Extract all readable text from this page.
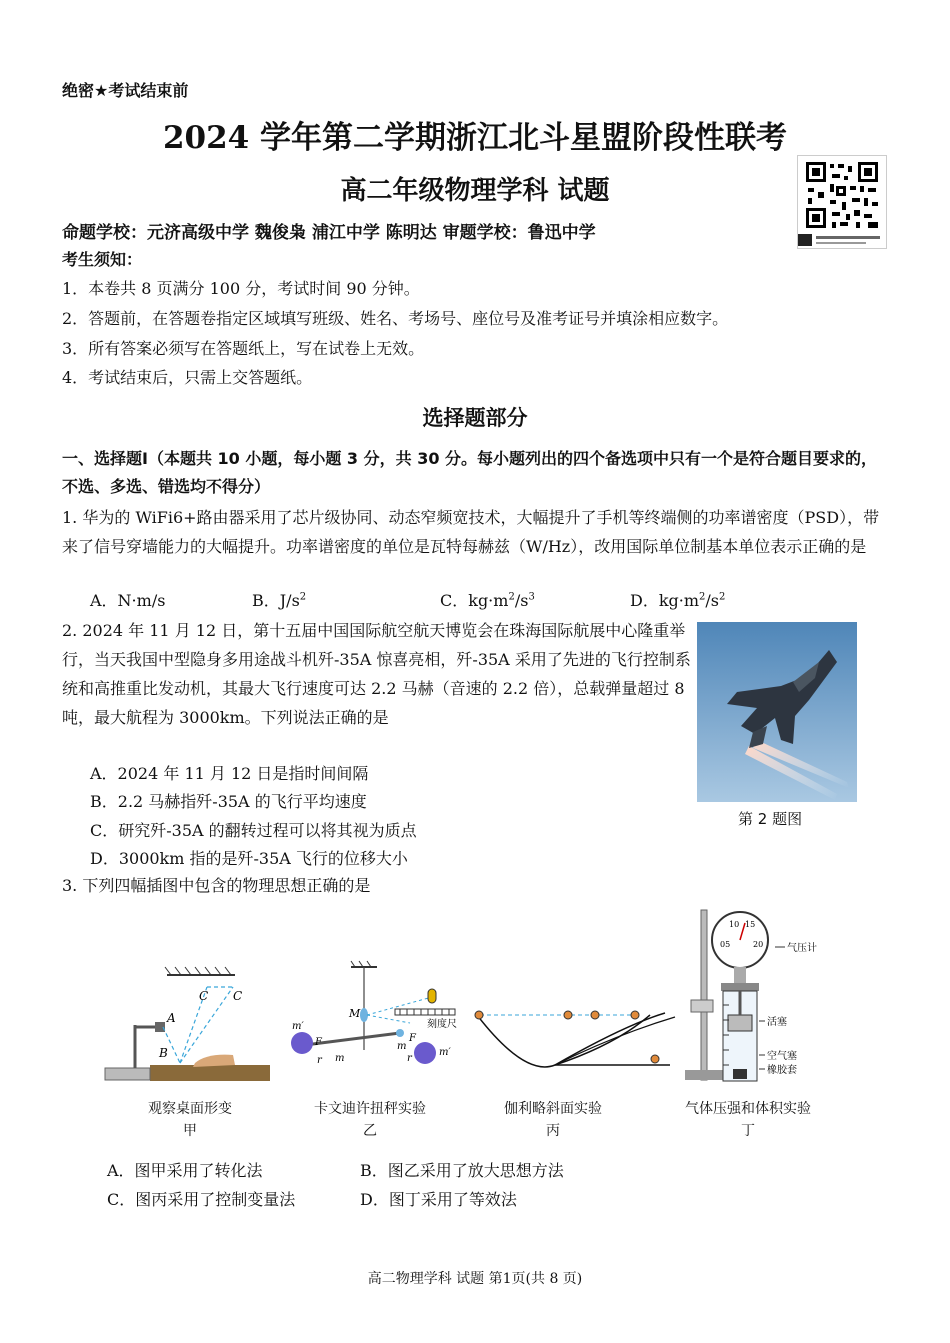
绝密★考试结束前
2024 学年第二学期浙江北斗星盟阶段性联考
高二年级物理学科 试题
命题学校：元济高级中学 魏俊枭 浦江中学 陈明达 审题学校：鲁迅中学
考生须知：
1．本卷共 8 页满分 100 分，考试时间 90 分钟。
2．答题前，在答题卷指定区域填写班级、姓名、考场号、座位号及准考证号并填涂相应数字。
3．所有答案必须写在答题纸上，写在试卷上无效。
4．考试结束后，只需上交答题纸。
选择题部分
一、选择题Ⅰ（本题共 10 小题，每小题 3 分，共 30 分。每小题列出的四个备选项中只有一个是符合题目要求的，不选、多选、错选均不得分）
1. 华为的 WiFi6+路由器采用了芯片级协同、动态窄频宽技术，大幅提升了手机等终端侧的功率谱密度（PSD），带来了信号穿墙能力的大幅提升。功率谱密度的单位是瓦特每赫兹（W/Hz），改用国际单位制基本单位表示正确的是
A．N·m/s	B．$J/s^2$	C．$kg\cdot m^2/s^3$	D．$kg\cdot m^2/s^2$
2. 2024 年 11 月 12 日，第十五届中国国际航空航天博览会在珠海国际航展中心隆重举行，当天我国中型隐身多用途战斗机歼-35A 惊喜亮相，歼-35A 采用了先进的飞行控制系统和高推重比发动机，其最大飞行速度可达 2.2 马赫（音速的 2.2 倍），总载弹量超过 8 吨，最大航程为 3000km。下列说法正确的是
A．2024 年 11 月 12 日是指时间间隔
B．2.2 马赫指歼-35A 的飞行平均速度
C．研究歼-35A 的翻转过程可以将其视为质点
D．3000km 指的是歼-35A 飞行的位移大小
第 2 题图
3. 下列四幅插图中包含的物理思想正确的是
C C
A
B
M
刻度尺
m′
m′
m
m
F	F
r	r
05
10 15
20 气压计
活塞
空气塞
橡胶套
观察桌面形变
甲
卡文迪许扭秤实验
乙
伽利略斜面实验
丙
气体压强和体积实验
丁
A．图甲采用了转化法	B．图乙采用了放大思想方法
C．图丙采用了控制变量法	D．图丁采用了等效法
高二物理学科 试题 第1页(共 8 页)
